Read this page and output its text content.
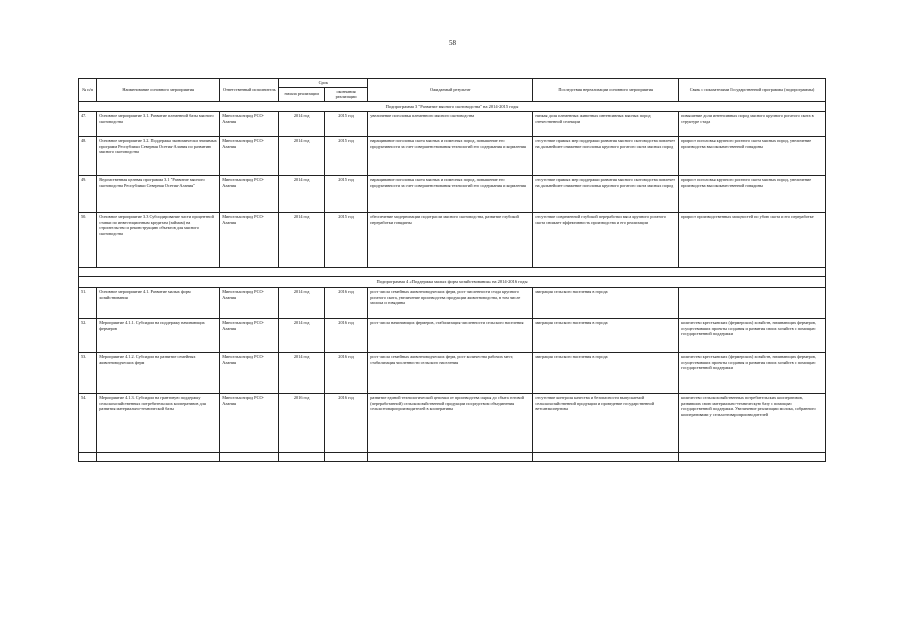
58
№ п/п	Наименование основного мероприятия	Ответственный исполнитель	Срок		Ожидаемый результат	Последствия нереализации основного мероприятия	Связь с показателями Государственной программы (подпрограммы)
			начала реализации	окончания реализации			
Подпрограмма 3 "Развитие мясного скотоводства" на 2014-2015 годы							
47.	Основное мероприятие 3.1. Развитие племенной базы мясного скотоводства	Минсельхозпрод РСО-Алания	2014 год	2015 год	увеличение поголовья племенного мясного скотоводства	низкая доля племенных животных интенсивных мясных пород отечественной селекции	повышение доли интенсивных пород мясного крупного рогатого скота в структуре стада
48.	Основное мероприятие 3.2. Поддержка экономически значимых программ Республики Северная Осетия-Алания по развитию мясного скотоводства	Минсельхозпрод РСО-Алания	2014 год	2015 год	наращивание поголовья скота мясных и помесных пород, повышение его продуктивности за счет совершенствования технологий его содержания и кормления	отсутствие прямых мер поддержки развития мясного скотоводства повлечет на дальнейшее снижение поголовья крупного рогатого скота мясных пород	прирост поголовья крупного рогатого скота мясных пород, увеличение производства высококачественной говядины
49.	Ведомственная целевая программа 3.1 "Развитие мясного скотоводства Республики Северная Осетия-Алания"	Минсельхозпрод РСО-Алания	2014 год	2015 год	наращивание поголовья скота мясных и помесных пород, повышение его продуктивности за счет совершенствования технологий его содержания и кормления	отсутствие прямых мер поддержки развития мясного скотоводства повлечет на дальнейшее снижение поголовья крупного рогатого скота мясных пород	прирост поголовья крупного рогатого скота мясных пород, увеличение производства высококачественной говядины
50.	Основное мероприятие 3.3 Субсидирование части процентной ставки по инвестиционным кредитам (займам) на строительство и реконструкцию объектов для мясного скотоводства	Минсельхозпрод РСО-Алания	2014 год	2015 год	обеспечение модернизации подотрасли мясного скотоводства, развитие глубокой переработки говядины	отсутствие современной глубокой переработки мяса крупного рогатого скота снижает эффективность производства и его реализации	прирост производственных мощностей по убою скота и его переработке

Подпрограмма 4 «Поддержка малых форм хозяйствования» на 2014-2016 годы							
51.	Основное мероприятие 4.1. Развитие малых форм хозяйствования	Минсельхозпрод РСО-Алания	2014 год	2016 год	рост числа семейных животноводческих ферм, рост численности стада крупного рогатого скота, увеличение производства продукции животноводства, в том числе молока и говядины	миграция сельского населения в города	
52.	Мероприятие 4.1.1. Субсидии на поддержку начинающих фермеров	Минсельхозпрод РСО-Алания	2014 год	2016 год	рост числа начинающих фермеров, стабилизация численности сельского населения	миграция сельского населения в города	количество крестьянских (фермерских) хозяйств, начинающих фермеров, осуществивших проекты создания и развития своих хозяйств с помощью государственной поддержки
53.	Мероприятие 4.1.2. Субсидии на развитие семейных животноводческих ферм	Минсельхозпрод РСО-Алания	2014 год	2016 год	рост числа семейных животноводческих ферм, рост количества рабочих мест, стабилизация численности сельского населения	миграция сельского населения в города	количество крестьянских (фермерских) хозяйств, начинающих фермеров, осуществивших проекты создания и развития своих хозяйств с помощью государственной поддержки
54.	Мероприятие 4.1.3. Субсидии на грантовую поддержку сельскохозяйственных потребительских кооперативов для развития материально-технической базы	Минсельхозпрод РСО-Алания	2016 год	2016 год	развитие единой технологической цепочки от производства сырья до сбыта готовой (переработанной) сельскохозяйственной продукции посредством объединения сельхозтоваропроизводителей в кооперативы	отсутствие контроля качества и безопасности выпускаемой сельскохозяйственной продукции и проведение государственной ветсанэкспертизы	количество сельскохозяйственных потребительских кооперативов, развивших свою материально-техническую базу с помощью государственной поддержки. Увеличение реализации молока, собранного кооперативами у сельхозтоваропроизводителей
